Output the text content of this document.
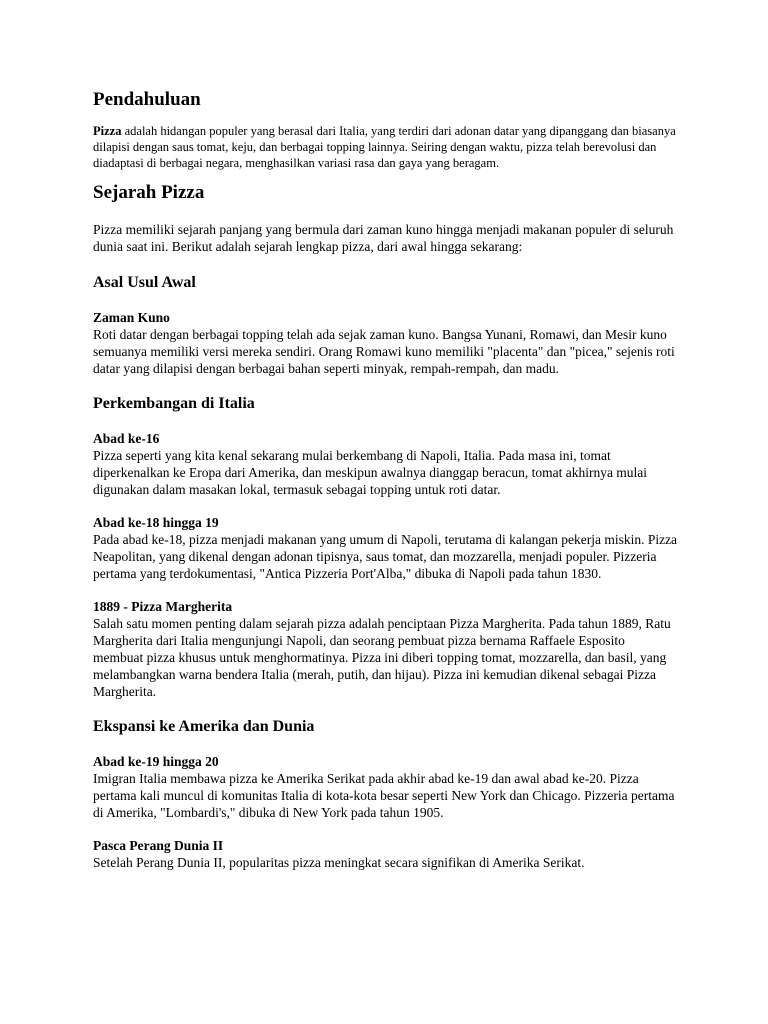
Pendahuluan

Pizza adalah hidangan populer yang berasal dari Italia, yang terdiri dari adonan datar yang dipanggang dan biasanya dilapisi dengan saus tomat, keju, dan berbagai topping lainnya. Seiring dengan waktu, pizza telah berevolusi dan diadaptasi di berbagai negara, menghasilkan variasi rasa dan gaya yang beragam.

Sejarah Pizza

Pizza memiliki sejarah panjang yang bermula dari zaman kuno hingga menjadi makanan populer di seluruh dunia saat ini. Berikut adalah sejarah lengkap pizza, dari awal hingga sekarang:

Asal Usul Awal
Zaman Kuno

Roti datar dengan berbagai topping telah ada sejak zaman kuno. Bangsa Yunani, Romawi, dan Mesir kuno semuanya memiliki versi mereka sendiri. Orang Romawi kuno memiliki "placenta" dan "picea," sejenis roti datar yang dilapisi dengan berbagai bahan seperti minyak, rempah-rempah, dan madu.

Perkembangan di Italia
Abad ke-16

Pizza seperti yang kita kenal sekarang mulai berkembang di Napoli, Italia. Pada masa ini, tomat diperkenalkan ke Eropa dari Amerika, dan meskipun awalnya dianggap beracun, tomat akhirnya mulai digunakan dalam masakan lokal, termasuk sebagai topping untuk roti datar.

Abad ke-18 hingga 19

Pada abad ke-18, pizza menjadi makanan yang umum di Napoli, terutama di kalangan pekerja miskin. Pizza Neapolitan, yang dikenal dengan adonan tipisnya, saus tomat, dan mozzarella, menjadi populer. Pizzeria pertama yang terdokumentasi, "Antica Pizzeria Port'Alba," dibuka di Napoli pada tahun 1830.

1889 - Pizza Margherita

Salah satu momen penting dalam sejarah pizza adalah penciptaan Pizza Margherita. Pada tahun 1889, Ratu Margherita dari Italia mengunjungi Napoli, dan seorang pembuat pizza bernama Raffaele Esposito membuat pizza khusus untuk menghormatinya. Pizza ini diberi topping tomat, mozzarella, dan basil, yang melambangkan warna bendera Italia (merah, putih, dan hijau). Pizza ini kemudian dikenal sebagai Pizza Margherita.

Ekspansi ke Amerika dan Dunia
Abad ke-19 hingga 20

Imigran Italia membawa pizza ke Amerika Serikat pada akhir abad ke-19 dan awal abad ke-20. Pizza pertama kali muncul di komunitas Italia di kota-kota besar seperti New York dan Chicago. Pizzeria pertama di Amerika, "Lombardi's," dibuka di New York pada tahun 1905.

Pasca Perang Dunia II

Setelah Perang Dunia II, popularitas pizza meningkat secara signifikan di Amerika Serikat.
